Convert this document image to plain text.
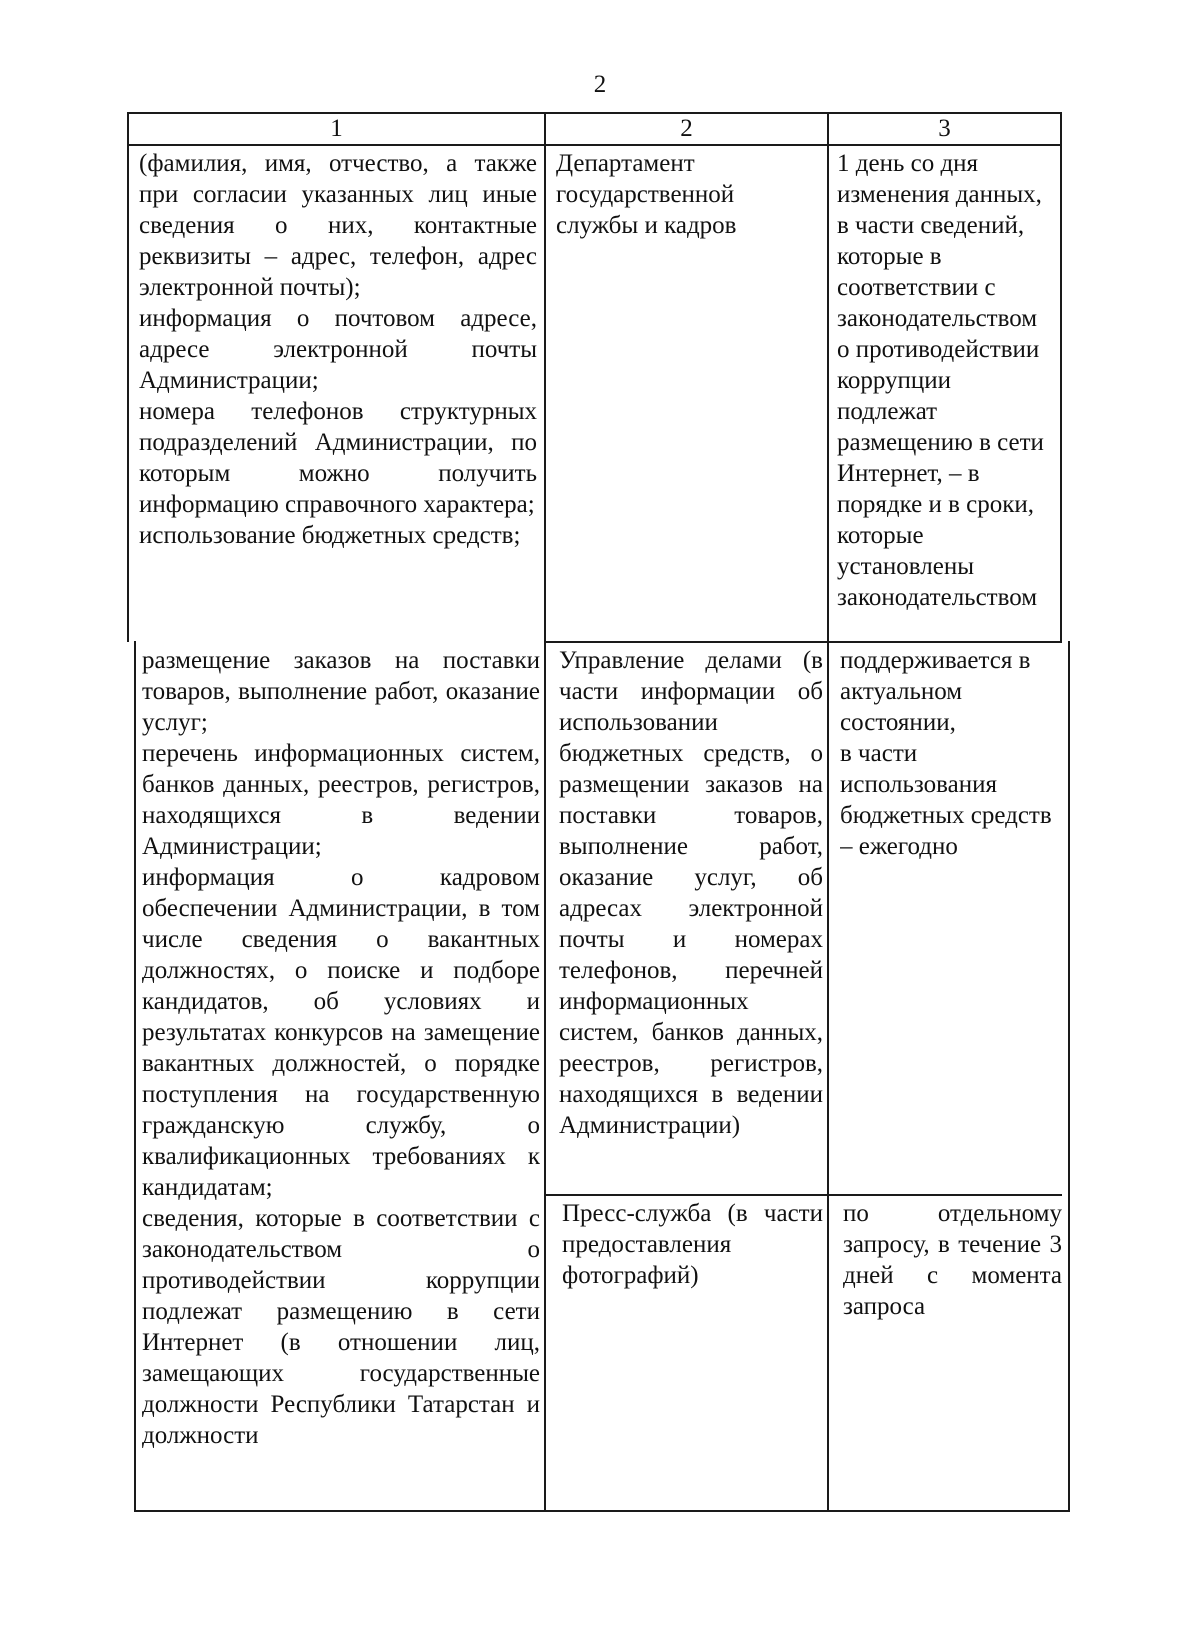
2
1	2	3
(фамилия, имя, отчество, а также при согласии указанных лиц иные сведения о них, контактные реквизиты – адрес, телефон, адрес электронной почты);
информация о почтовом адресе, адресе электронной почты Администрации;
номера телефонов структурных подразделений Администрации, по которым можно получить информацию справочного характера;
использование бюджетных средств;
размещение заказов на поставки товаров, выполнение работ, оказание услуг;
перечень информационных систем, банков данных, реестров, регистров, находящихся в ведении Администрации;
информация о кадровом обеспечении Администрации, в том числе сведения о вакантных должностях, о поиске и подборе кандидатов, об условиях и результатах конкурсов на замещение вакантных должностей, о порядке поступления на государственную гражданскую службу, о квалификационных требованиях к кандидатам;
сведения, которые в соответствии с законодательством о противодействии коррупции подлежат размещению в сети Интернет (в отношении лиц, замещающих государственные должности Республики Татарстан и должности
Департамент государственной службы и кадров
Управление делами (в части информации об использовании бюджетных средств, о размещении заказов на поставки товаров, выполнение работ, оказание услуг, об адресах электронной почты и номерах телефонов, перечней информационных систем, банков данных, реестров, регистров, находящихся в ведении Администрации)
Пресс-служба (в части предоставления фотографий)
1 день со дня изменения данных,
в части сведений, которые в соответствии с законодательством о противодействии коррупции подлежат размещению в сети Интернет, – в порядке и в сроки, которые установлены законодательством
поддерживается в актуальном состоянии,
в части использования бюджетных средств – ежегодно
по отдельному запросу, в течение 3 дней с момента запроса
